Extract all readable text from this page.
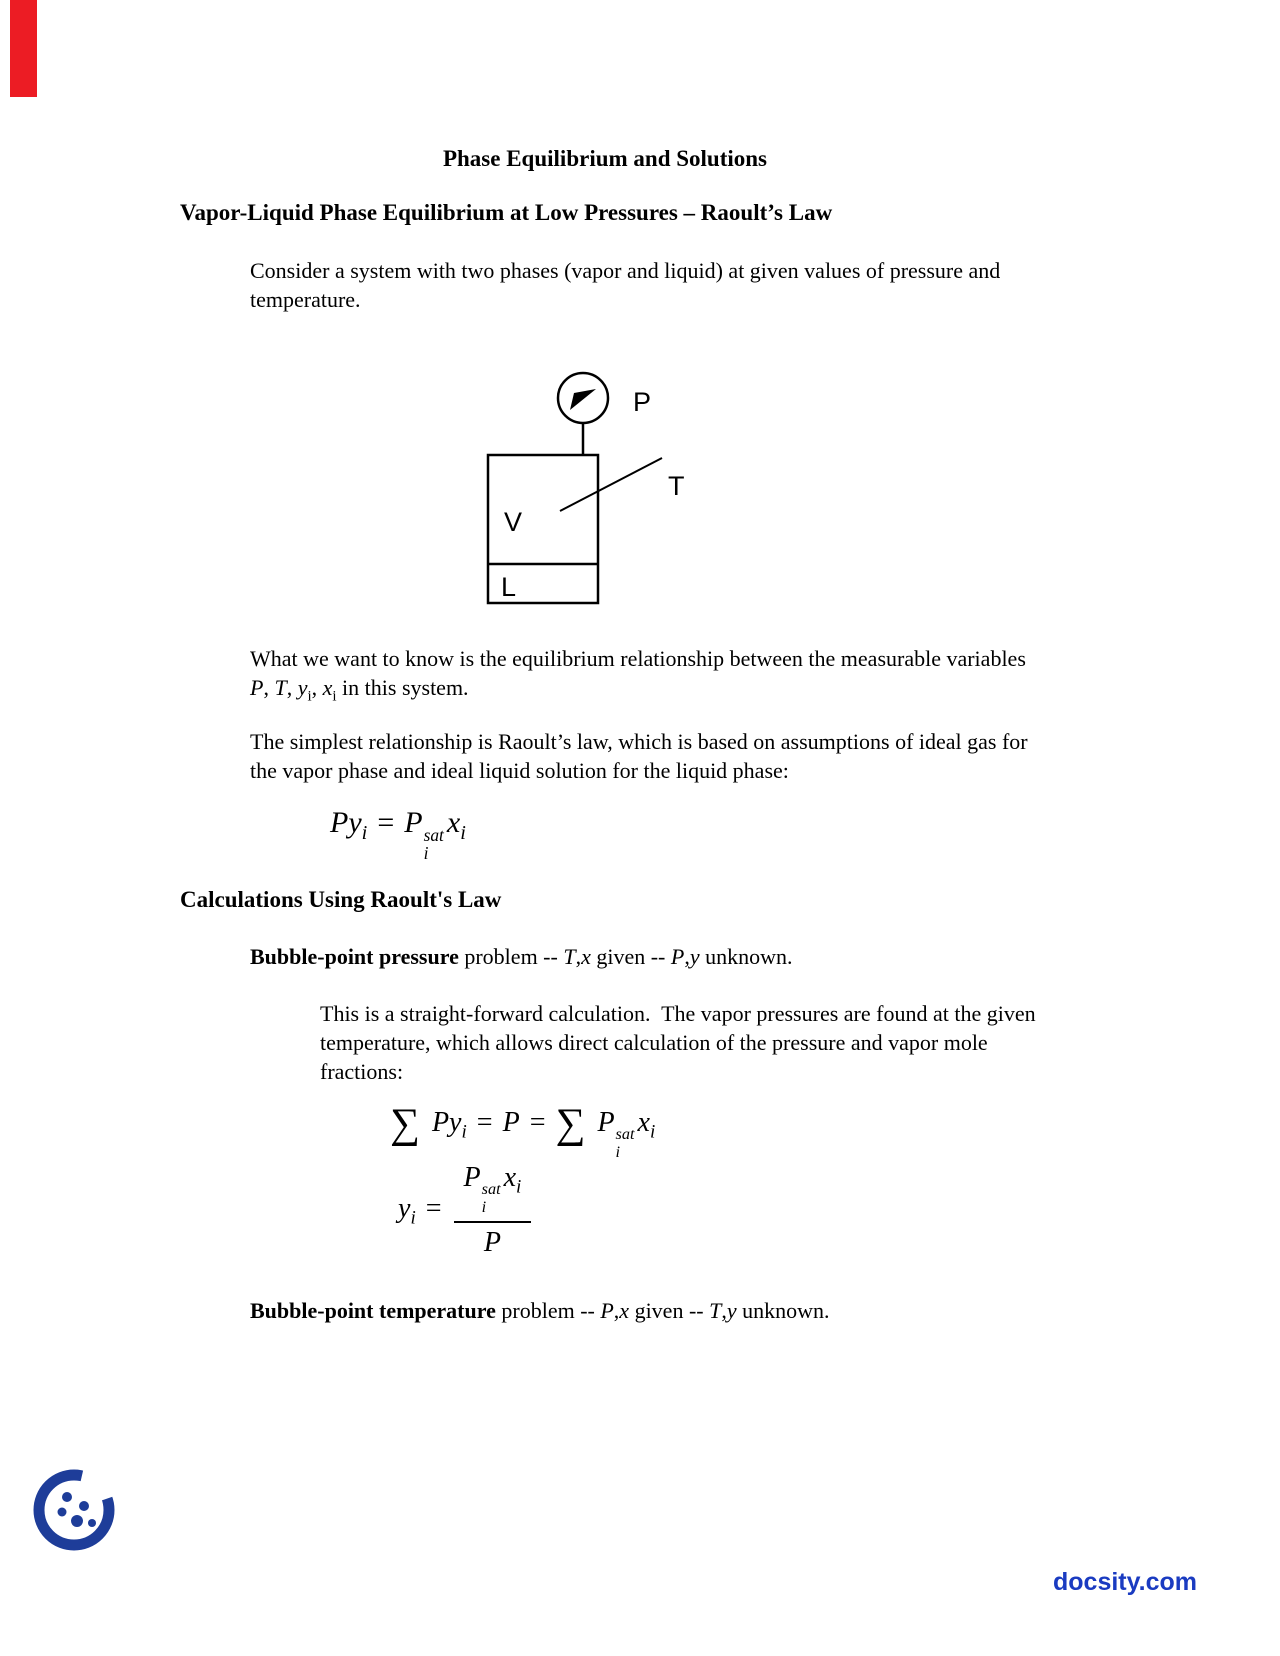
Phase Equilibrium and Solutions
Vapor-Liquid Phase Equilibrium at Low Pressures – Raoult’s Law
Consider a system with two phases (vapor and liquid) at given values of pressure and temperature.
P
T
V
L
What we want to know is the equilibrium relationship between the measurable variables P, T, $y_i$, $x_i$ in this system.
The simplest relationship is Raoult’s law, which is based on assumptions of ideal gas for the vapor phase and ideal liquid solution for the liquid phase:
$Py_i = P$ sat
i
$x_i$
Calculations Using Raoult's Law
Bubble-point pressure problem -- T,x given -- P,y unknown.
This is a straight-forward calculation.  The vapor pressures are found at the given temperature, which allows direct calculation of the pressure and vapor mole fractions:
∑ $Py_i = P$ = ∑ P sat
i
$x_i$
$y_i = P$ sat
i
$x_i$
P
Bubble-point temperature problem -- P,x given -- T,y unknown.
docsity.com
